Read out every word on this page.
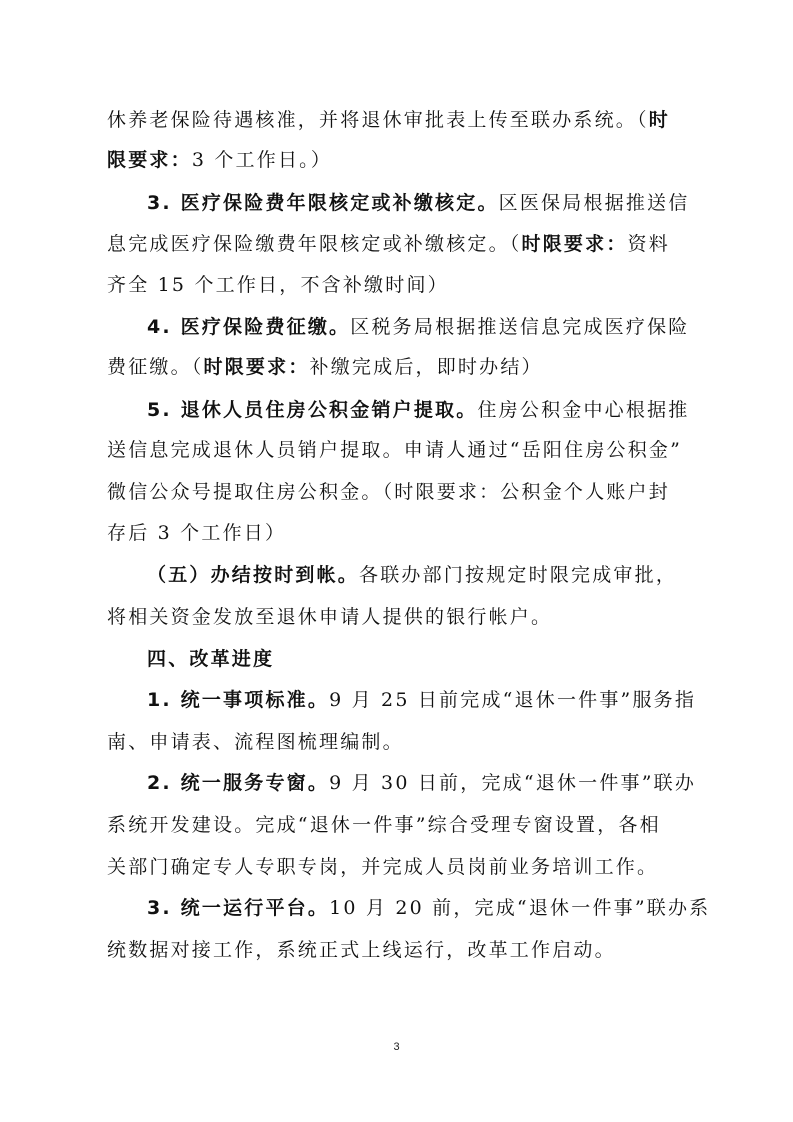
休养老保险待遇核准，并将退休审批表上传至联办系统。（时
限要求：3 个工作日。）
3. 医疗保险费年限核定或补缴核定。区医保局根据推送信
息完成医疗保险缴费年限核定或补缴核定。（时限要求：资料
齐全 15 个工作日，不含补缴时间）
4. 医疗保险费征缴。区税务局根据推送信息完成医疗保险
费征缴。（时限要求：补缴完成后，即时办结）
5. 退休人员住房公积金销户提取。住房公积金中心根据推
送信息完成退休人员销户提取。申请人通过“岳阳住房公积金”
微信公众号提取住房公积金。（时限要求：公积金个人账户封
存后 3 个工作日）
（五）办结按时到帐。各联办部门按规定时限完成审批，
将相关资金发放至退休申请人提供的银行帐户。
四、改革进度
1. 统一事项标准。9 月 25 日前完成“退休一件事”服务指
南、申请表、流程图梳理编制。
2. 统一服务专窗。9 月 30 日前，完成“退休一件事”联办
系统开发建设。完成“退休一件事”综合受理专窗设置，各相
关部门确定专人专职专岗，并完成人员岗前业务培训工作。
3. 统一运行平台。10 月 20 前，完成“退休一件事”联办系
统数据对接工作，系统正式上线运行，改革工作启动。
3
